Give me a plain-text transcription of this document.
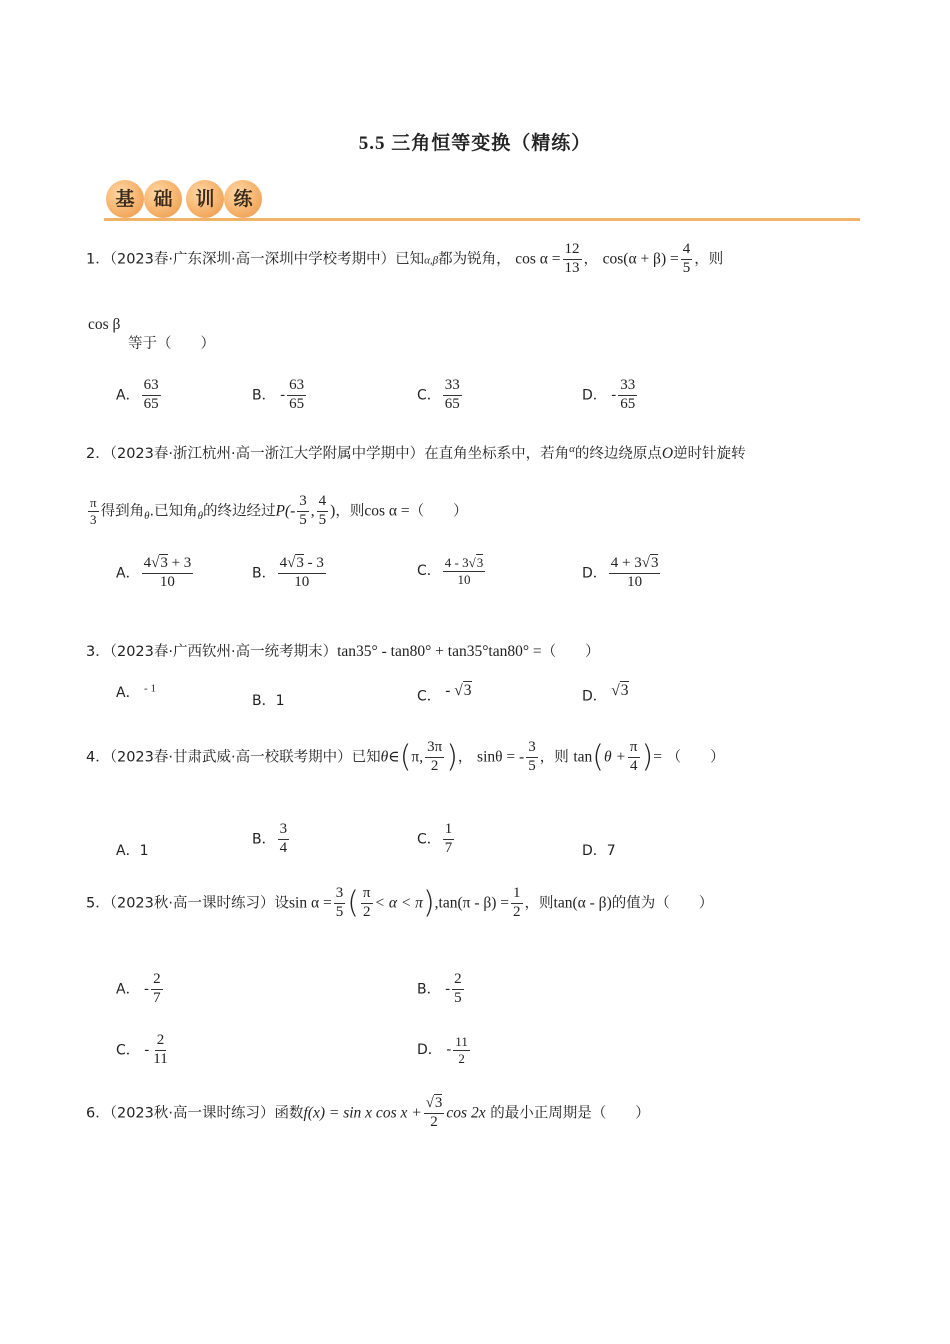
5.5 三角恒等变换（精练）
基 础	训 练
1．（2023春·广东深圳·高一深圳中学校考期中）已知α,β都为锐角， $\cos \alpha = \frac{12}{13}$ ， $\cos(\alpha + \beta) = \frac{4}{5}$ ，则
cos β
等于（　　）
A． $\frac{63}{65}$	B． - $\frac{63}{65}$	C． $\frac{33}{65}$	D． - $\frac{33}{65}$
2．（2023春·浙江杭州·高一浙江大学附属中学期中）在直角坐标系中，若角$^\alpha$的终边绕原点O逆时针旋转
$\frac{\pi}{3}$ 得到角$_\theta$.已知角$_\theta$的终边经过$P(- \frac{3}{5}$ , $\frac{4}{5}$ )，则cos α =（　　）
A． $\frac{4√3 + 3}{10}$	B． $\frac{4√3 - 3}{10}$	C． $\frac{4 - 3√3}{10}$	D． $\frac{4 + 3√3}{10}$
3．（2023春·广西钦州·高一统考期末）tan35° - tan80° + tan35°tan80° =（　　）
A． $^{- 1}$
B．1	C． $^{- √3}$	D． $^{√3}$
4．（2023春·甘肃武威·高一校联考期中）已知θ∈(π, $\frac{3\pi}{2}$ )， sinθ = - $\frac{3}{5}$ ，则 $\tan(\theta + \frac{\pi}{4}$ )= （　　）
A．1
B． $\frac{3}{4}$	C． $\frac{1}{7}$	D．7
5．（2023秋·高一课时练习）设$\sin \alpha = \frac{3}{5}$ ( $\frac{\pi}{2} < \alpha < \pi),\tan(\pi - \beta) = \frac{1}{2}$ ，则tan(α - β)的值为（　　）
A． - $\frac{2}{7}$	B． - $\frac{2}{5}$
C． - $\frac{2}{11}$	D． - $\frac{11}{2}$
6．（2023秋·高一课时练习）函数f(x) = sin x $\cos x + \frac{√3}{2}$ cos 2x 的最小正周期是（　　）
